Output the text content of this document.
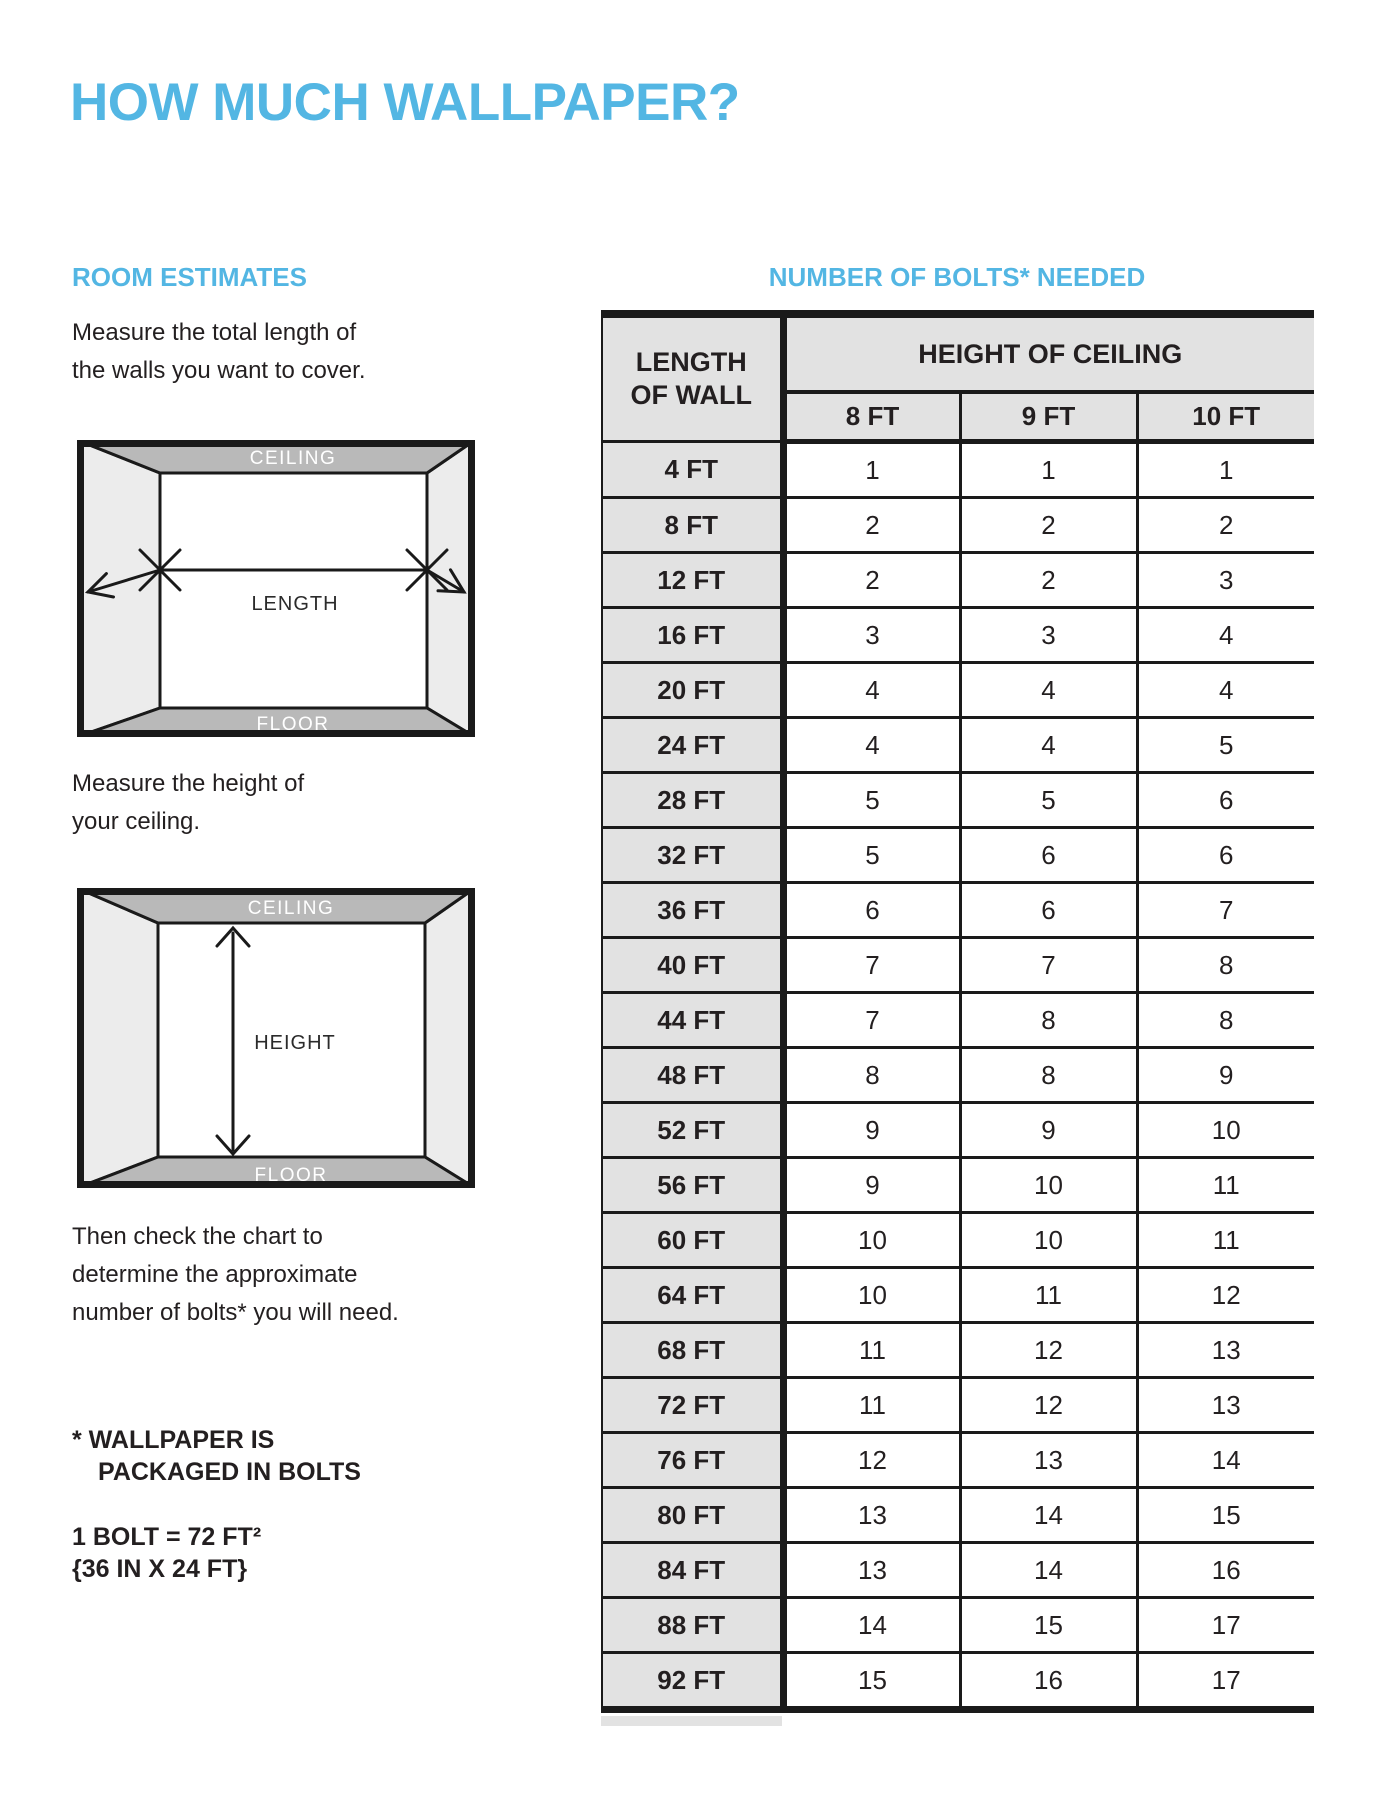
HOW MUCH WALLPAPER?
ROOM ESTIMATES
Measure the total length of
the walls you want to cover.
CEILING
LENGTH
FLOOR
Measure the height of
your ceiling.
CEILING
HEIGHT
FLOOR
Then check the chart to
determine the approximate
number of bolts* you will need.
* WALLPAPER IS
PACKAGED IN BOLTS
1 BOLT = 72 FT²
{36 IN X 24 FT}
NUMBER OF BOLTS* NEEDED
LENGTH
OF WALL	HEIGHT OF CEILING		
	8 FT	9 FT	10 FT
4 FT	1	1	1
8 FT	2	2	2
12 FT	2	2	3
16 FT	3	3	4
20 FT	4	4	4
24 FT	4	4	5
28 FT	5	5	6
32 FT	5	6	6
36 FT	6	6	7
40 FT	7	7	8
44 FT	7	8	8
48 FT	8	8	9
52 FT	9	9	10
56 FT	9	10	11
60 FT	10	10	11
64 FT	10	11	12
68 FT	11	12	13
72 FT	11	12	13
76 FT	12	13	14
80 FT	13	14	15
84 FT	13	14	16
88 FT	14	15	17
92 FT	15	16	17
